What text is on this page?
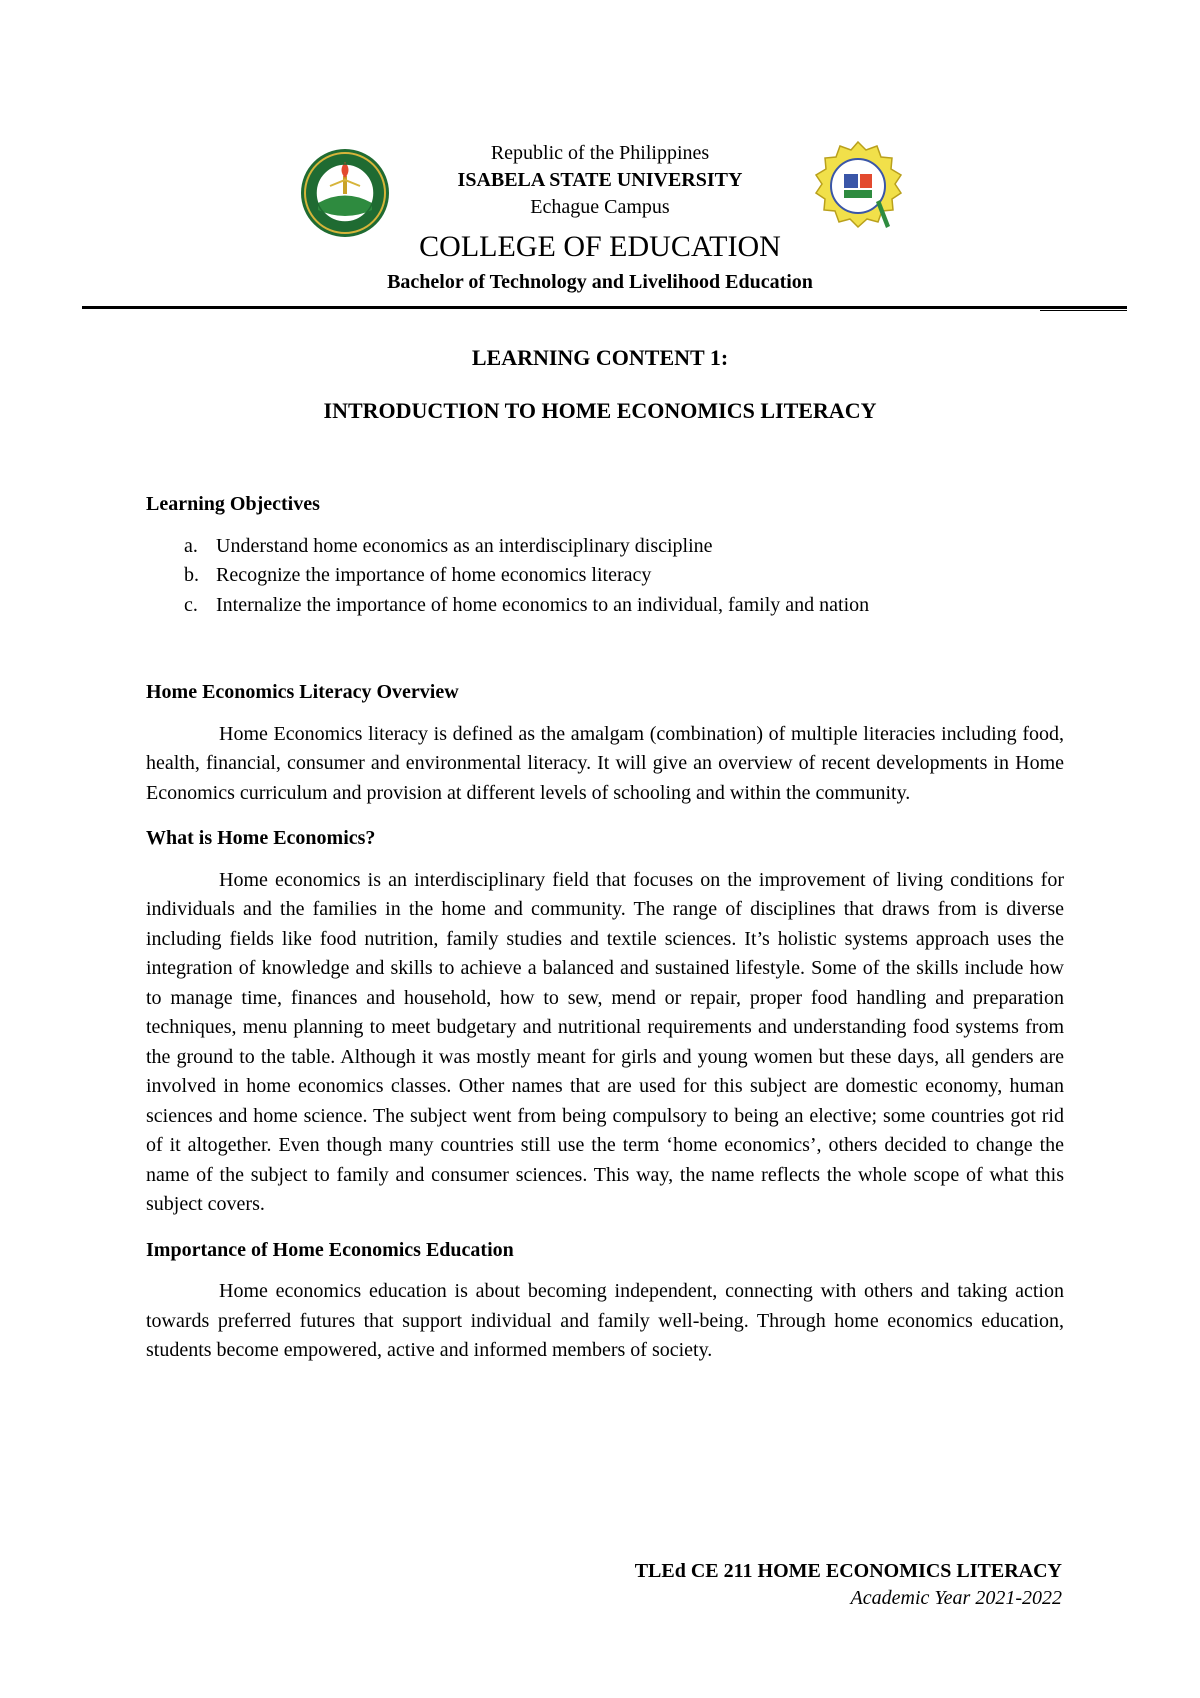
Republic of the Philippines
ISABELA STATE UNIVERSITY
Echague Campus
COLLEGE OF EDUCATION
Bachelor of Technology and Livelihood Education
LEARNING CONTENT 1:
INTRODUCTION TO HOME ECONOMICS LITERACY

Learning Objectives

a. Understand home economics as an interdisciplinary discipline
b. Recognize the importance of home economics literacy
c. Internalize the importance of home economics to an individual, family and nation

Home Economics Literacy Overview

Home Economics literacy is defined as the amalgam (combination) of multiple literacies including food, health, financial, consumer and environmental literacy. It will give an overview of recent developments in Home Economics curriculum and provision at different levels of schooling and within the community.

What is Home Economics?

Home economics is an interdisciplinary field that focuses on the improvement of living conditions for individuals and the families in the home and community. The range of disciplines that draws from is diverse including fields like food nutrition, family studies and textile sciences. It’s holistic systems approach uses the integration of knowledge and skills to achieve a balanced and sustained lifestyle. Some of the skills include how to manage time, finances and household, how to sew, mend or repair, proper food handling and preparation techniques, menu planning to meet budgetary and nutritional requirements and understanding food systems from the ground to the table. Although it was mostly meant for girls and young women but these days, all genders are involved in home economics classes. Other names that are used for this subject are domestic economy, human sciences and home science. The subject went from being compulsory to being an elective; some countries got rid of it altogether. Even though many countries still use the term ‘home economics’, others decided to change the name of the subject to family and consumer sciences. This way, the name reflects the whole scope of what this subject covers.

Importance of Home Economics Education

Home economics education is about becoming independent, connecting with others and taking action towards preferred futures that support individual and family well-being. Through home economics education, students become empowered, active and informed members of society.

TLEd CE 211 HOME ECONOMICS LITERACY
Academic Year 2021-2022
